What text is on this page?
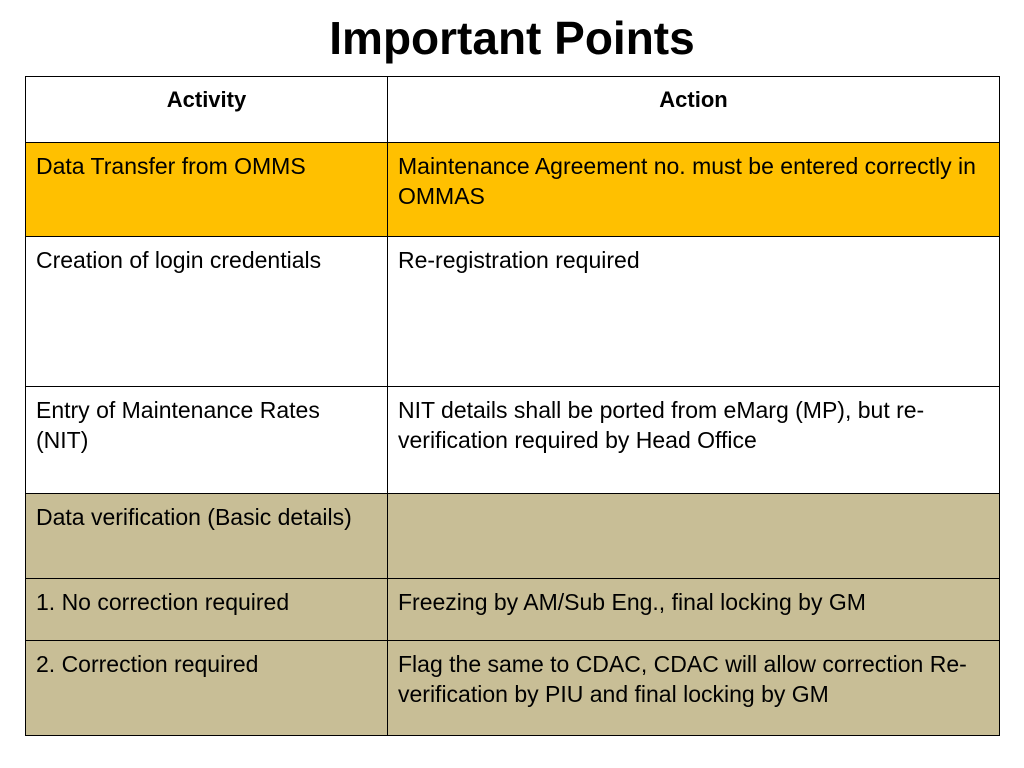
Important Points
Activity	Action
Data Transfer from OMMS	Maintenance Agreement no. must be entered correctly in OMMAS
Creation of login credentials	Re-registration required
Entry of Maintenance Rates (NIT)	NIT details shall be ported from eMarg (MP), but re-verification required by Head Office
Data verification (Basic details)	
1. No correction required	Freezing by AM/Sub Eng., final locking by GM
2. Correction required	Flag the same to CDAC, CDAC will allow correction Re-verification by PIU and final locking by GM
